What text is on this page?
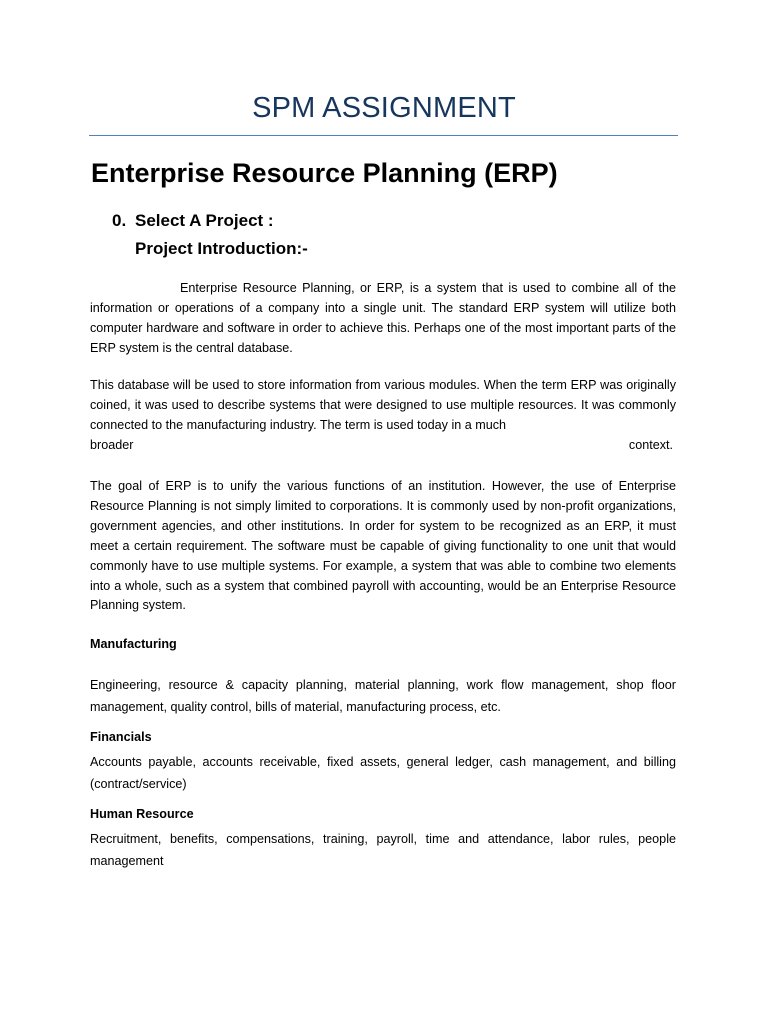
SPM ASSIGNMENT
Enterprise Resource Planning (ERP)
0. Select A Project :
Project Introduction:-

Enterprise Resource Planning, or ERP, is a system that is used to combine all of the information or operations of a company into a single unit. The standard ERP system will utilize both computer hardware and software in order to achieve this. Perhaps one of the most important parts of the ERP system is the central database.

This database will be used to store information from various modules. When the term ERP was originally coined, it was used to describe systems that were designed to use multiple resources. It was commonly connected to the manufacturing industry. The term is used today in a much

broader	context.

The goal of ERP is to unify the various functions of an institution. However, the use of Enterprise Resource Planning is not simply limited to corporations. It is commonly used by non-profit organizations, government agencies, and other institutions. In order for system to be recognized as an ERP, it must meet a certain requirement. The software must be capable of giving functionality to one unit that would commonly have to use multiple systems. For example, a system that was able to combine two elements into a whole, such as a system that combined payroll with accounting, would be an Enterprise Resource Planning system.

Manufacturing

Engineering, resource & capacity planning, material planning, work flow management, shop floor management, quality control, bills of material, manufacturing process, etc.

Financials

Accounts payable, accounts receivable, fixed assets, general ledger, cash management, and billing (contract/service)

Human Resource

Recruitment, benefits, compensations, training, payroll, time and attendance, labor rules, people management
